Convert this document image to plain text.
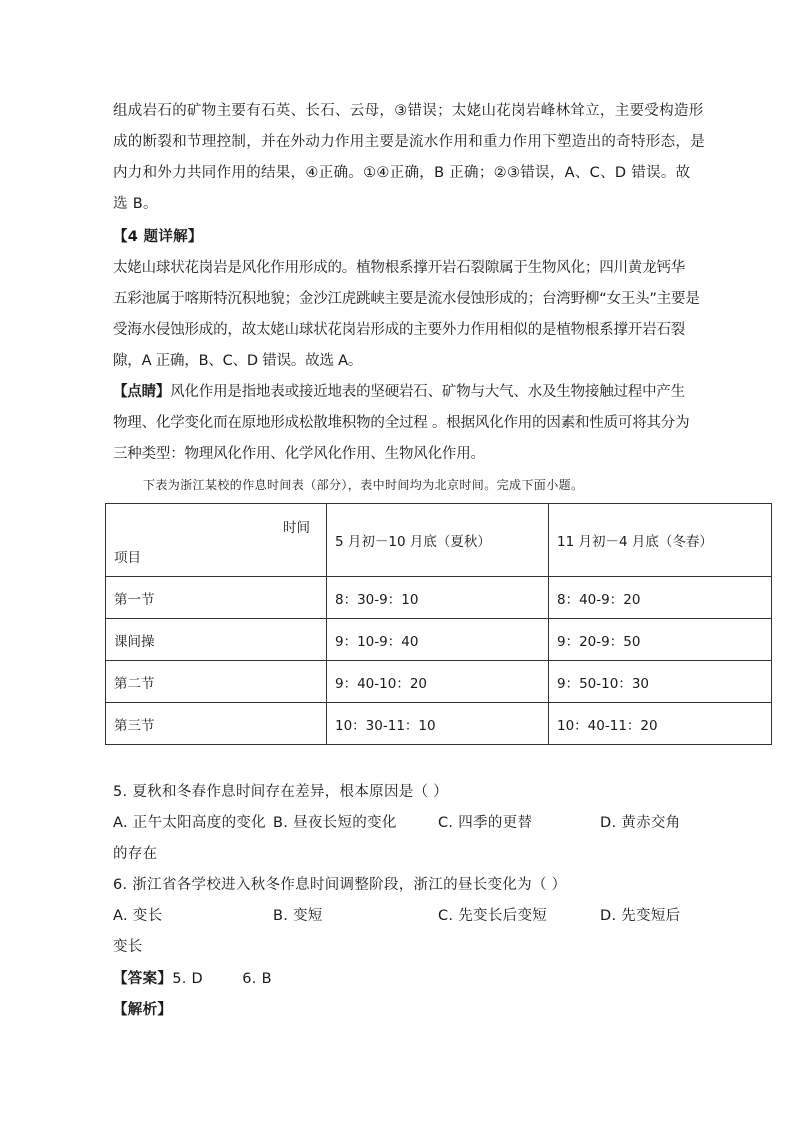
组成岩石的矿物主要有石英、长石、云母，③错误；太姥山花岗岩峰林耸立，主要受构造形
成的断裂和节理控制，并在外动力作用主要是流水作用和重力作用下塑造出的奇特形态，是
内力和外力共同作用的结果，④正确。①④正确，B 正确；②③错误，A、C、D 错误。故
选 B。
【4 题详解】
太姥山球状花岗岩是风化作用形成的。植物根系撑开岩石裂隙属于生物风化；四川黄龙钙华
五彩池属于喀斯特沉积地貌；金沙江虎跳峡主要是流水侵蚀形成的；台湾野柳“女王头”主要是
受海水侵蚀形成的，故太姥山球状花岗岩形成的主要外力作用相似的是植物根系撑开岩石裂
隙，A 正确，B、C、D 错误。故选 A。
【点睛】风化作用是指地表或接近地表的坚硬岩石、矿物与大气、水及生物接触过程中产生
物理、化学变化而在原地形成松散堆积物的全过程 。根据风化作用的因素和性质可将其分为
三种类型：物理风化作用、化学风化作用、生物风化作用。
下表为浙江某校的作息时间表（部分），表中时间均为北京时间。完成下面小题。
时间
项目	5 月初－10 月底（夏秋）	11 月初－4 月底（冬春）
第一节	8：30-9：10	8：40-9：20
课间操	9：10-9：40	9：20-9：50
第二节	9：40-10：20	9：50-10：30
第三节	10：30-11：10	10：40-11：20
5. 夏秋和冬春作息时间存在差异，根本原因是（ ）
A. 正午太阳高度的变化 B. 昼夜长短的变化	C. 四季的更替	D. 黄赤交角
的存在
6. 浙江省各学校进入秋冬作息时间调整阶段，浙江的昼长变化为（ ）
A. 变长	B. 变短	C. 先变长后变短	D. 先变短后
变长
【答案】5. D        6. B
【解析】
